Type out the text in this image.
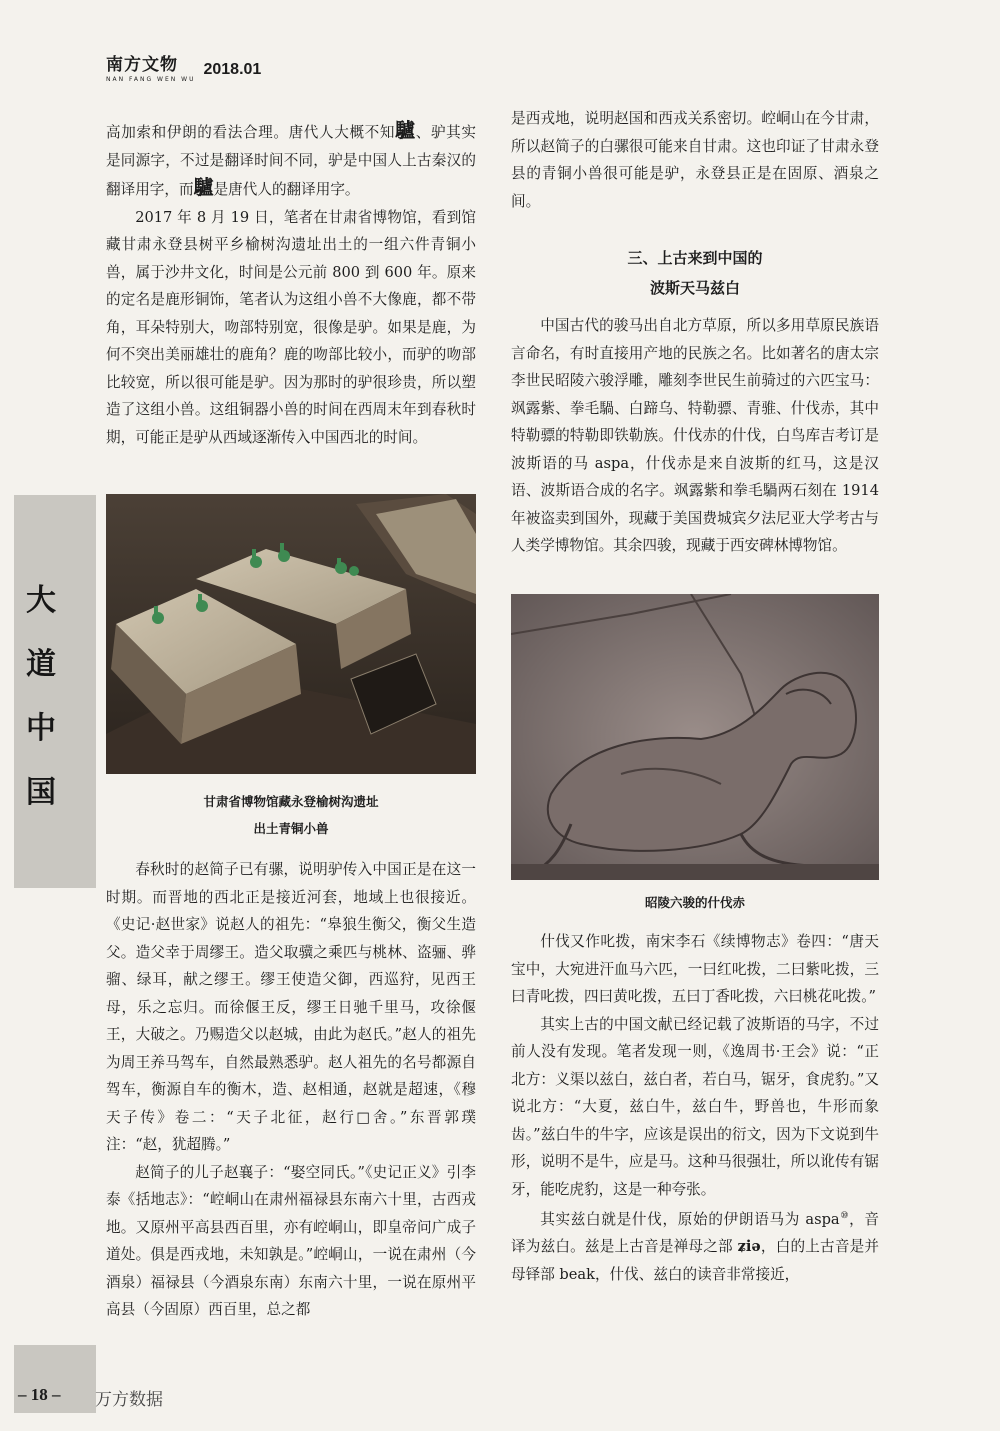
南方文物
NAN FANG WEN WU
2018.01
大
道
中
国

高加索和伊朗的看法合理。唐代人大概不知驢、驴其实是同源字，不过是翻译时间不同，驴是中国人上古秦汉的翻译用字，而驢是唐代人的翻译用字。

2017 年 8 月 19 日，笔者在甘肃省博物馆，看到馆藏甘肃永登县树平乡榆树沟遗址出土的一组六件青铜小兽，属于沙井文化，时间是公元前 800 到 600 年。原来的定名是鹿形铜饰，笔者认为这组小兽不大像鹿，都不带角，耳朵特别大，吻部特别宽，很像是驴。如果是鹿，为何不突出美丽雄壮的鹿角？鹿的吻部比较小，而驴的吻部比较宽，所以很可能是驴。因为那时的驴很珍贵，所以塑造了这组小兽。这组铜器小兽的时间在西周末年到春秋时期，可能正是驴从西域逐渐传入中国西北的时间。

甘肃省博物馆藏永登榆树沟遗址
出土青铜小兽

春秋时的赵简子已有骡，说明驴传入中国正是在这一时期。而晋地的西北正是接近河套，地域上也很接近。《史记·赵世家》说赵人的祖先：“皋狼生衡父，衡父生造父。造父幸于周缪王。造父取骥之乘匹与桃林、盗骊、骅骝、绿耳，献之缪王。缪王使造父御，西巡狩，见西王母，乐之忘归。而徐偃王反，缪王日驰千里马，攻徐偃王，大破之。乃赐造父以赵城，由此为赵氏。”赵人的祖先为周王养马驾车，自然最熟悉驴。赵人祖先的名号都源自驾车，衡源自车的衡木，造、赵相通，赵就是超速，《穆天子传》卷二：“天子北征，赵行□舍。”东晋郭璞注：“赵，犹超腾。”

赵简子的儿子赵襄子：“娶空同氏。”《史记正义》引李泰《括地志》：“崆峒山在肃州福禄县东南六十里，古西戎地。又原州平高县西百里，亦有崆峒山，即皇帝问广成子道处。俱是西戎地，未知孰是。”崆峒山，一说在肃州（今酒泉）福禄县（今酒泉东南）东南六十里，一说在原州平高县（今固原）西百里，总之都

是西戎地，说明赵国和西戎关系密切。崆峒山在今甘肃，所以赵简子的白骡很可能来自甘肃。这也印证了甘肃永登县的青铜小兽很可能是驴，永登县正是在固原、酒泉之间。

三、上古来到中国的
波斯天马兹白

中国古代的骏马出自北方草原，所以多用草原民族语言命名，有时直接用产地的民族之名。比如著名的唐太宗李世民昭陵六骏浮雕，雕刻李世民生前骑过的六匹宝马：飒露紫、拳毛騧、白蹄乌、特勒骠、青骓、什伐赤，其中特勒骠的特勒即铁勒族。什伐赤的什伐，白鸟库吉考订是波斯语的马 aspa，什伐赤是来自波斯的红马，这是汉语、波斯语合成的名字。飒露紫和拳毛騧两石刻在 1914 年被盗卖到国外，现藏于美国费城宾夕法尼亚大学考古与人类学博物馆。其余四骏，现藏于西安碑林博物馆。

昭陵六骏的什伐赤

什伐又作叱拨，南宋李石《续博物志》卷四：“唐天宝中，大宛进汗血马六匹，一曰红叱拨，二曰紫叱拨，三曰青叱拨，四曰黄叱拨，五曰丁香叱拨，六曰桃花叱拨。”

其实上古的中国文献已经记载了波斯语的马字，不过前人没有发现。笔者发现一则，《逸周书·王会》说：“正北方：义渠以兹白，兹白者，若白马，锯牙，食虎豹。”又说北方：“大夏，兹白牛，兹白牛，野兽也，牛形而象齿。”兹白牛的牛字，应该是误出的衍文，因为下文说到牛形，说明不是牛，应是马。这种马很强壮，所以讹传有锯牙，能吃虎豹，这是一种夸张。

其实兹白就是什伐，原始的伊朗语马为 aspa⑩，音译为兹白。兹是上古音是禅母之部 ʑiə，白的上古音是并母铎部 beak，什伐、兹白的读音非常接近，

– 18 – 万方数据
